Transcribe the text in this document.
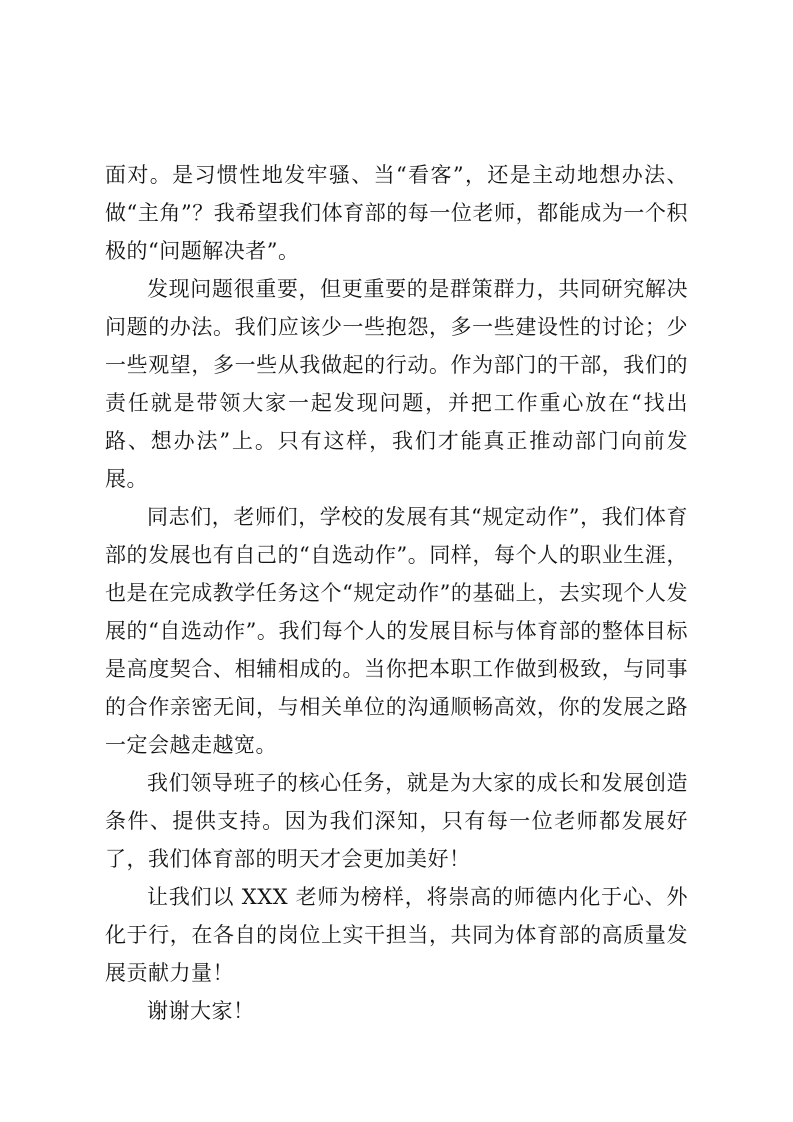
面对。是习惯性地发牢骚、当“看客”，还是主动地想办法、做“主角”？我希望我们体育部的每一位老师，都能成为一个积极的“问题解决者”。

发现问题很重要，但更重要的是群策群力，共同研究解决问题的办法。我们应该少一些抱怨，多一些建设性的讨论；少一些观望，多一些从我做起的行动。作为部门的干部，我们的责任就是带领大家一起发现问题，并把工作重心放在“找出路、想办法”上。只有这样，我们才能真正推动部门向前发展。

同志们，老师们，学校的发展有其“规定动作”，我们体育部的发展也有自己的“自选动作”。同样，每个人的职业生涯，也是在完成教学任务这个“规定动作”的基础上，去实现个人发展的“自选动作”。我们每个人的发展目标与体育部的整体目标是高度契合、相辅相成的。当你把本职工作做到极致，与同事的合作亲密无间，与相关单位的沟通顺畅高效，你的发展之路一定会越走越宽。

我们领导班子的核心任务，就是为大家的成长和发展创造条件、提供支持。因为我们深知，只有每一位老师都发展好了，我们体育部的明天才会更加美好！

让我们以 XXX 老师为榜样，将崇高的师德内化于心、外化于行，在各自的岗位上实干担当，共同为体育部的高质量发展贡献力量！

谢谢大家！
